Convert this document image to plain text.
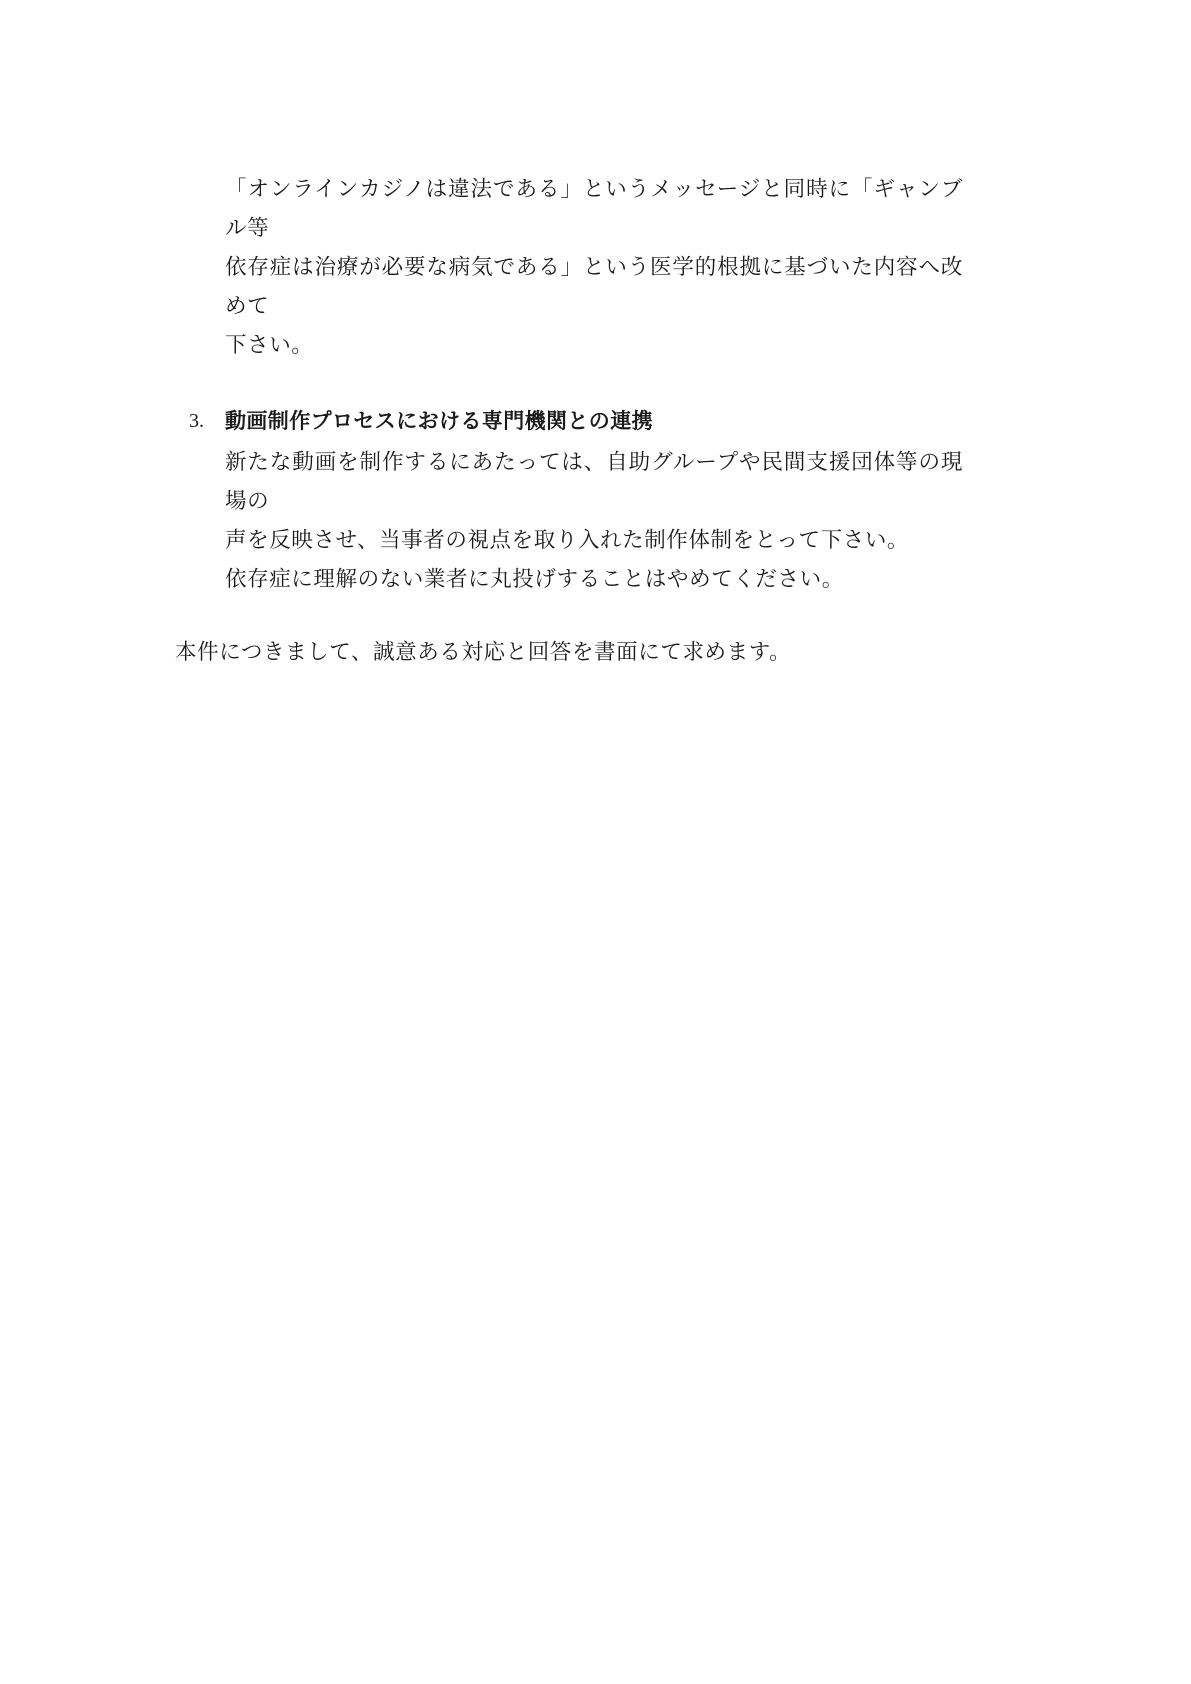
「オンラインカジノは違法である」というメッセージと同時に「ギャンブル等

依存症は治療が必要な病気である」という医学的根拠に基づいた内容へ改めて

下さい。

3. 動画制作プロセスにおける専門機関との連携

新たな動画を制作するにあたっては、自助グループや民間支援団体等の現場の
声を反映させ、当事者の視点を取り入れた制作体制をとって下さい。
依存症に理解のない業者に丸投げすることはやめてください。

本件につきまして、誠意ある対応と回答を書面にて求めます。
